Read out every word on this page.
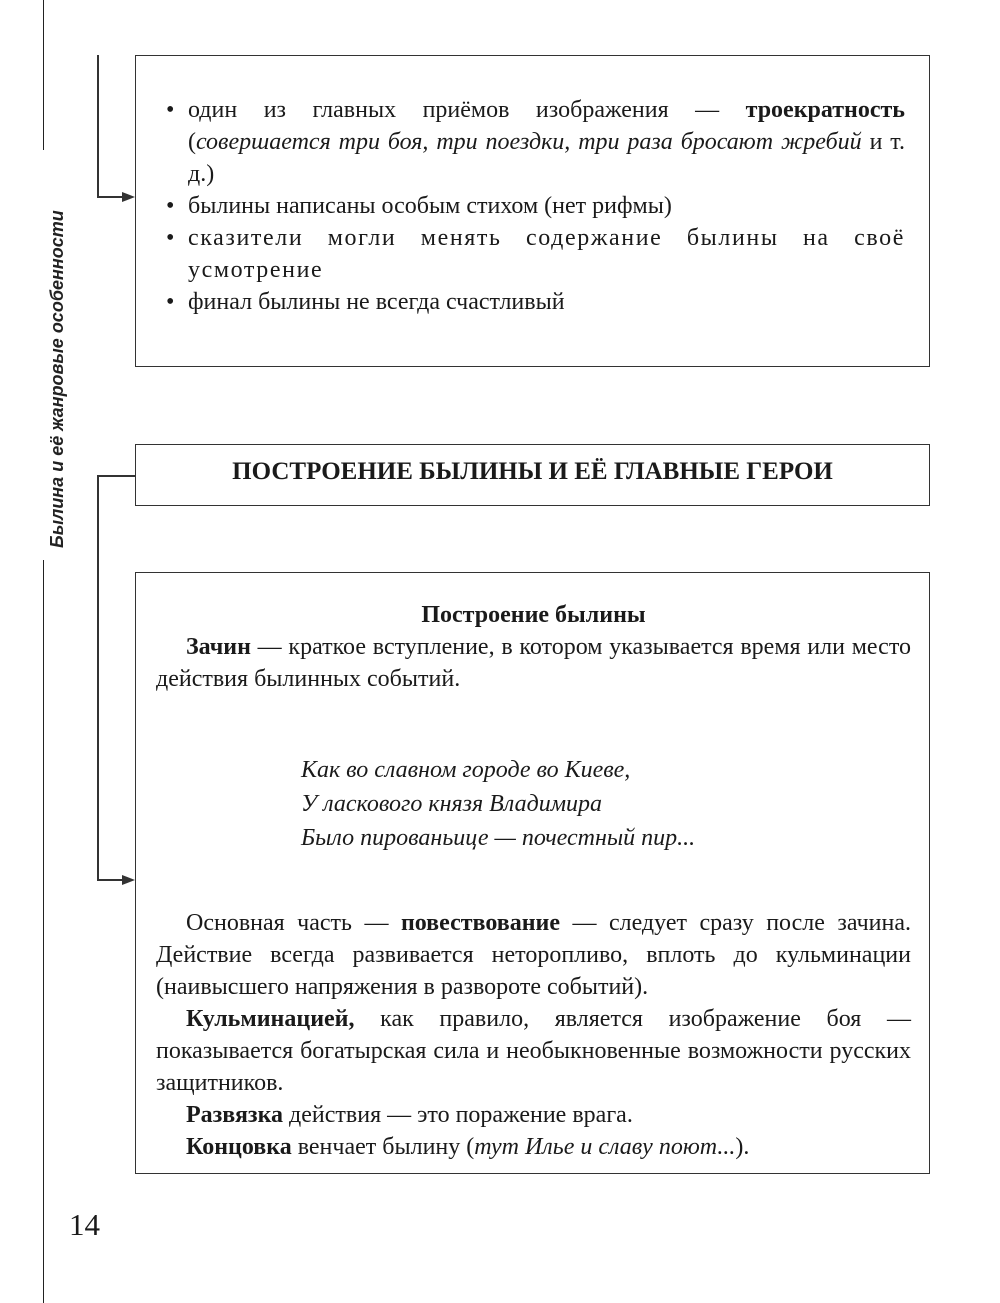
Былина и её жанровые особенности
• один из главных приёмов изображения — троекратность (совершается три боя, три поездки, три раза бросают жребий и т. д.)
• былины написаны особым стихом (нет рифмы)
• сказители могли менять содержание былины на своё усмотрение
• финал былины не всегда счастливый
ПОСТРОЕНИЕ БЫЛИНЫ И ЕЁ ГЛАВНЫЕ ГЕРОИ

Построение былины

Зачин — краткое вступление, в котором указывается время или место действия былинных событий.

Как во славном городе во Киеве,
У ласкового князя Владимира
Было пированьице — почестный пир...

Основная часть — повествование — следует сразу после зачина. Действие всегда развивается неторопливо, вплоть до кульминации (наивысшего напряжения в развороте событий).

Кульминацией, как правило, является изображение боя — показывается богатырская сила и необыкновенные возможности русских защитников.

Развязка действия — это поражение врага.

Концовка венчает былину (тут Илье и славу поют...).

14
